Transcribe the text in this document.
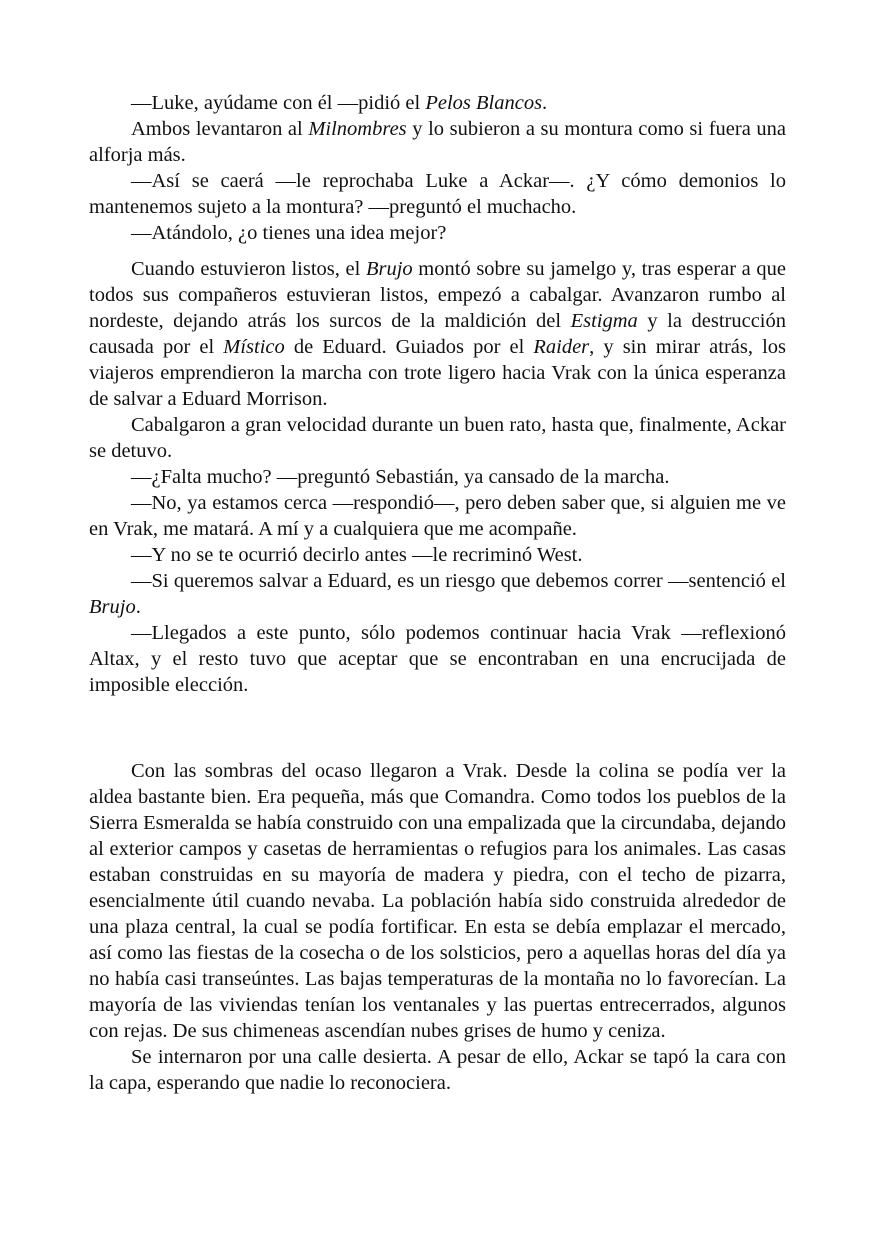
—Luke, ayúdame con él —pidió el Pelos Blancos.

Ambos levantaron al Milnombres y lo subieron a su montura como si fuera una alforja más.

—Así se caerá —le reprochaba Luke a Ackar—. ¿Y cómo demonios lo mantenemos sujeto a la montura? —preguntó el muchacho.

—Atándolo, ¿o tienes una idea mejor?

Cuando estuvieron listos, el Brujo montó sobre su jamelgo y, tras esperar a que todos sus compañeros estuvieran listos, empezó a cabalgar. Avanzaron rumbo al nordeste, dejando atrás los surcos de la maldición del Estigma y la destrucción causada por el Místico de Eduard. Guiados por el Raider, y sin mirar atrás, los viajeros emprendieron la marcha con trote ligero hacia Vrak con la única esperanza de salvar a Eduard Morrison.

Cabalgaron a gran velocidad durante un buen rato, hasta que, finalmente, Ackar se detuvo.

—¿Falta mucho? —preguntó Sebastián, ya cansado de la marcha.

—No, ya estamos cerca —respondió—, pero deben saber que, si alguien me ve en Vrak, me matará. A mí y a cualquiera que me acompañe.

—Y no se te ocurrió decirlo antes —le recriminó West.

—Si queremos salvar a Eduard, es un riesgo que debemos correr —sentenció el Brujo.

—Llegados a este punto, sólo podemos continuar hacia Vrak —reflexionó Altax, y el resto tuvo que aceptar que se encontraban en una encrucijada de imposible elección.

Con las sombras del ocaso llegaron a Vrak. Desde la colina se podía ver la aldea bastante bien. Era pequeña, más que Comandra. Como todos los pueblos de la Sierra Esmeralda se había construido con una empalizada que la circundaba, dejando al exterior campos y casetas de herramientas o refugios para los animales. Las casas estaban construidas en su mayoría de madera y piedra, con el techo de pizarra, esencialmente útil cuando nevaba. La población había sido construida alrededor de una plaza central, la cual se podía fortificar. En esta se debía emplazar el mercado, así como las fiestas de la cosecha o de los solsticios, pero a aquellas horas del día ya no había casi transeúntes. Las bajas temperaturas de la montaña no lo favorecían. La mayoría de las viviendas tenían los ventanales y las puertas entrecerrados, algunos con rejas. De sus chimeneas ascendían nubes grises de humo y ceniza.

Se internaron por una calle desierta. A pesar de ello, Ackar se tapó la cara con la capa, esperando que nadie lo reconociera.
